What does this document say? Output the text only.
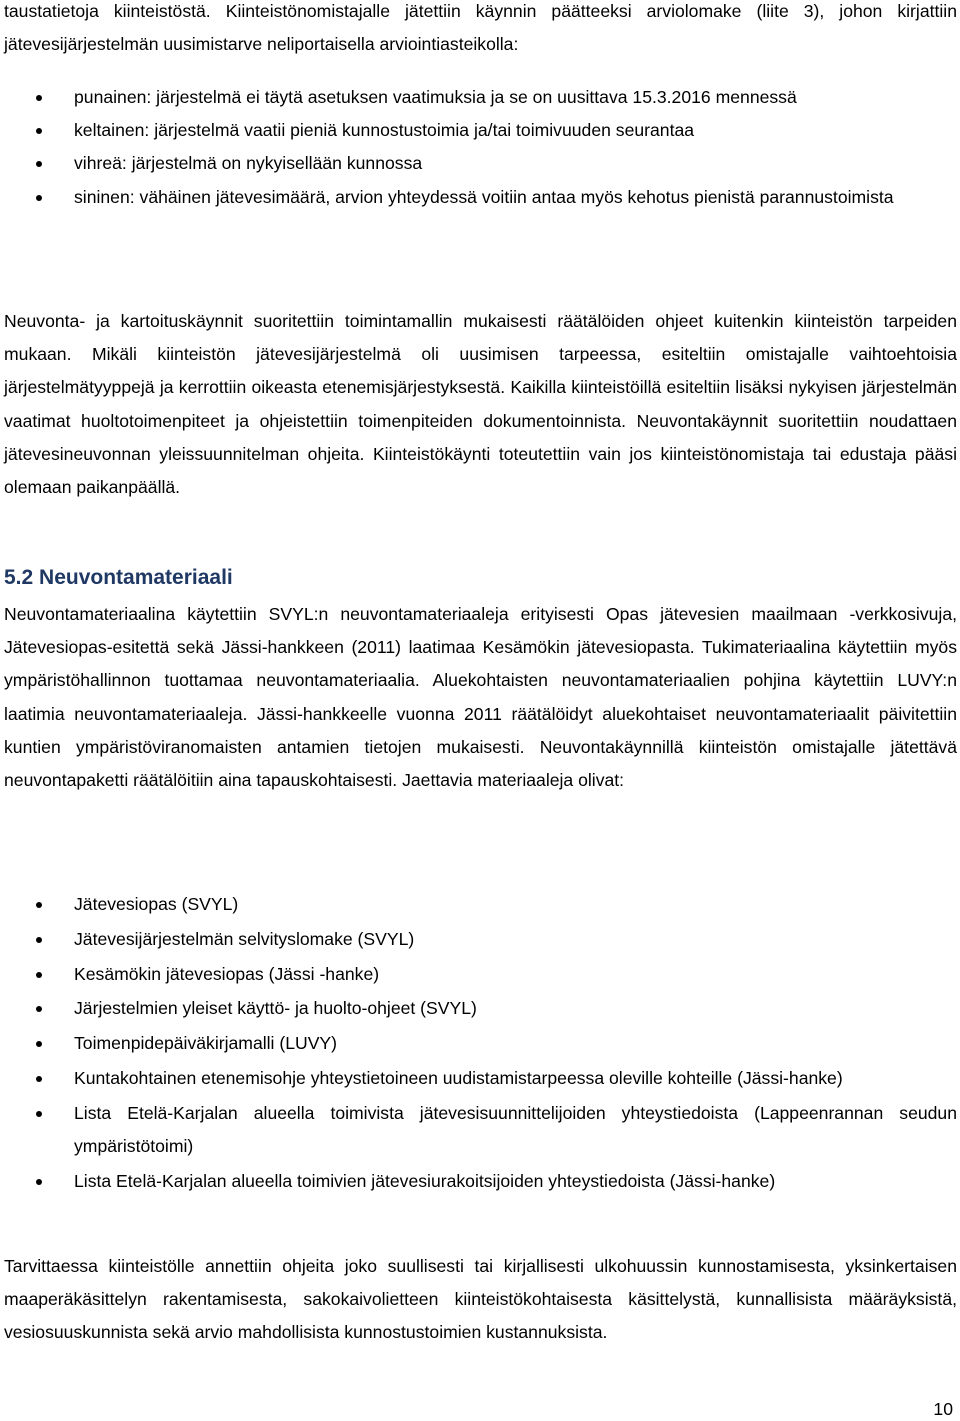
taustatietoja kiinteistöstä. Kiinteistönomistajalle jätettiin käynnin päätteeksi arviolomake (liite 3), johon kirjattiin jätevesijärjestelmän uusimistarve neliportaisella arviointiasteikolla:

punainen: järjestelmä ei täytä asetuksen vaatimuksia ja se on uusittava 15.3.2016 mennessä
keltainen: järjestelmä vaatii pieniä kunnostustoimia ja/tai toimivuuden seurantaa
vihreä: järjestelmä on nykyisellään kunnossa
sininen: vähäinen jätevesimäärä, arvion yhteydessä voitiin antaa myös kehotus pienistä parannustoimista

Neuvonta- ja kartoituskäynnit suoritettiin toimintamallin mukaisesti räätälöiden ohjeet kuitenkin kiinteistön tarpeiden mukaan. Mikäli kiinteistön jätevesijärjestelmä oli uusimisen tarpeessa, esiteltiin omistajalle vaihtoehtoisia järjestelmätyyppejä ja kerrottiin oikeasta etenemisjärjestyksestä. Kaikilla kiinteistöillä esiteltiin lisäksi nykyisen järjestelmän vaatimat huoltotoimenpiteet ja ohjeistettiin toimenpiteiden dokumentoinnista. Neuvontakäynnit suoritettiin noudattaen jätevesineuvonnan yleissuunnitelman ohjeita. Kiinteistökäynti toteutettiin vain jos kiinteistönomistaja tai edustaja pääsi olemaan paikanpäällä.

5.2 Neuvontamateriaali

Neuvontamateriaalina käytettiin SVYL:n neuvontamateriaaleja erityisesti Opas jätevesien maailmaan -verkkosivuja, Jätevesiopas-esitettä sekä Jässi-hankkeen (2011) laatimaa Kesämökin jätevesiopasta. Tukimateriaalina käytettiin myös ympäristöhallinnon tuottamaa neuvontamateriaalia. Aluekohtaisten neuvontamateriaalien pohjina käytettiin LUVY:n laatimia neuvontamateriaaleja. Jässi-hankkeelle vuonna 2011 räätälöidyt aluekohtaiset neuvontamateriaalit päivitettiin kuntien ympäristöviranomaisten antamien tietojen mukaisesti. Neuvontakäynnillä kiinteistön omistajalle jätettävä neuvontapaketti räätälöitiin aina tapauskohtaisesti. Jaettavia materiaaleja olivat:

Jätevesiopas (SVYL)
Jätevesijärjestelmän selvityslomake (SVYL)
Kesämökin jätevesiopas (Jässi -hanke)
Järjestelmien yleiset käyttö- ja huolto-ohjeet (SVYL)
Toimenpidepäiväkirjamalli (LUVY)
Kuntakohtainen etenemisohje yhteystietoineen uudistamistarpeessa oleville kohteille (Jässi-hanke)
Lista Etelä-Karjalan alueella toimivista jätevesisuunnittelijoiden yhteystiedoista (Lappeenrannan seudun ympäristötoimi)
Lista Etelä-Karjalan alueella toimivien jätevesiurakoitsijoiden yhteystiedoista (Jässi-hanke)

Tarvittaessa kiinteistölle annettiin ohjeita joko suullisesti tai kirjallisesti ulkohuussin kunnostamisesta, yksinkertaisen maaperäkäsittelyn rakentamisesta, sakokaivolietteen kiinteistökohtaisesta käsittelystä, kunnallisista määräyksistä, vesiosuuskunnista sekä arvio mahdollisista kunnostustoimien kustannuksista.

10
